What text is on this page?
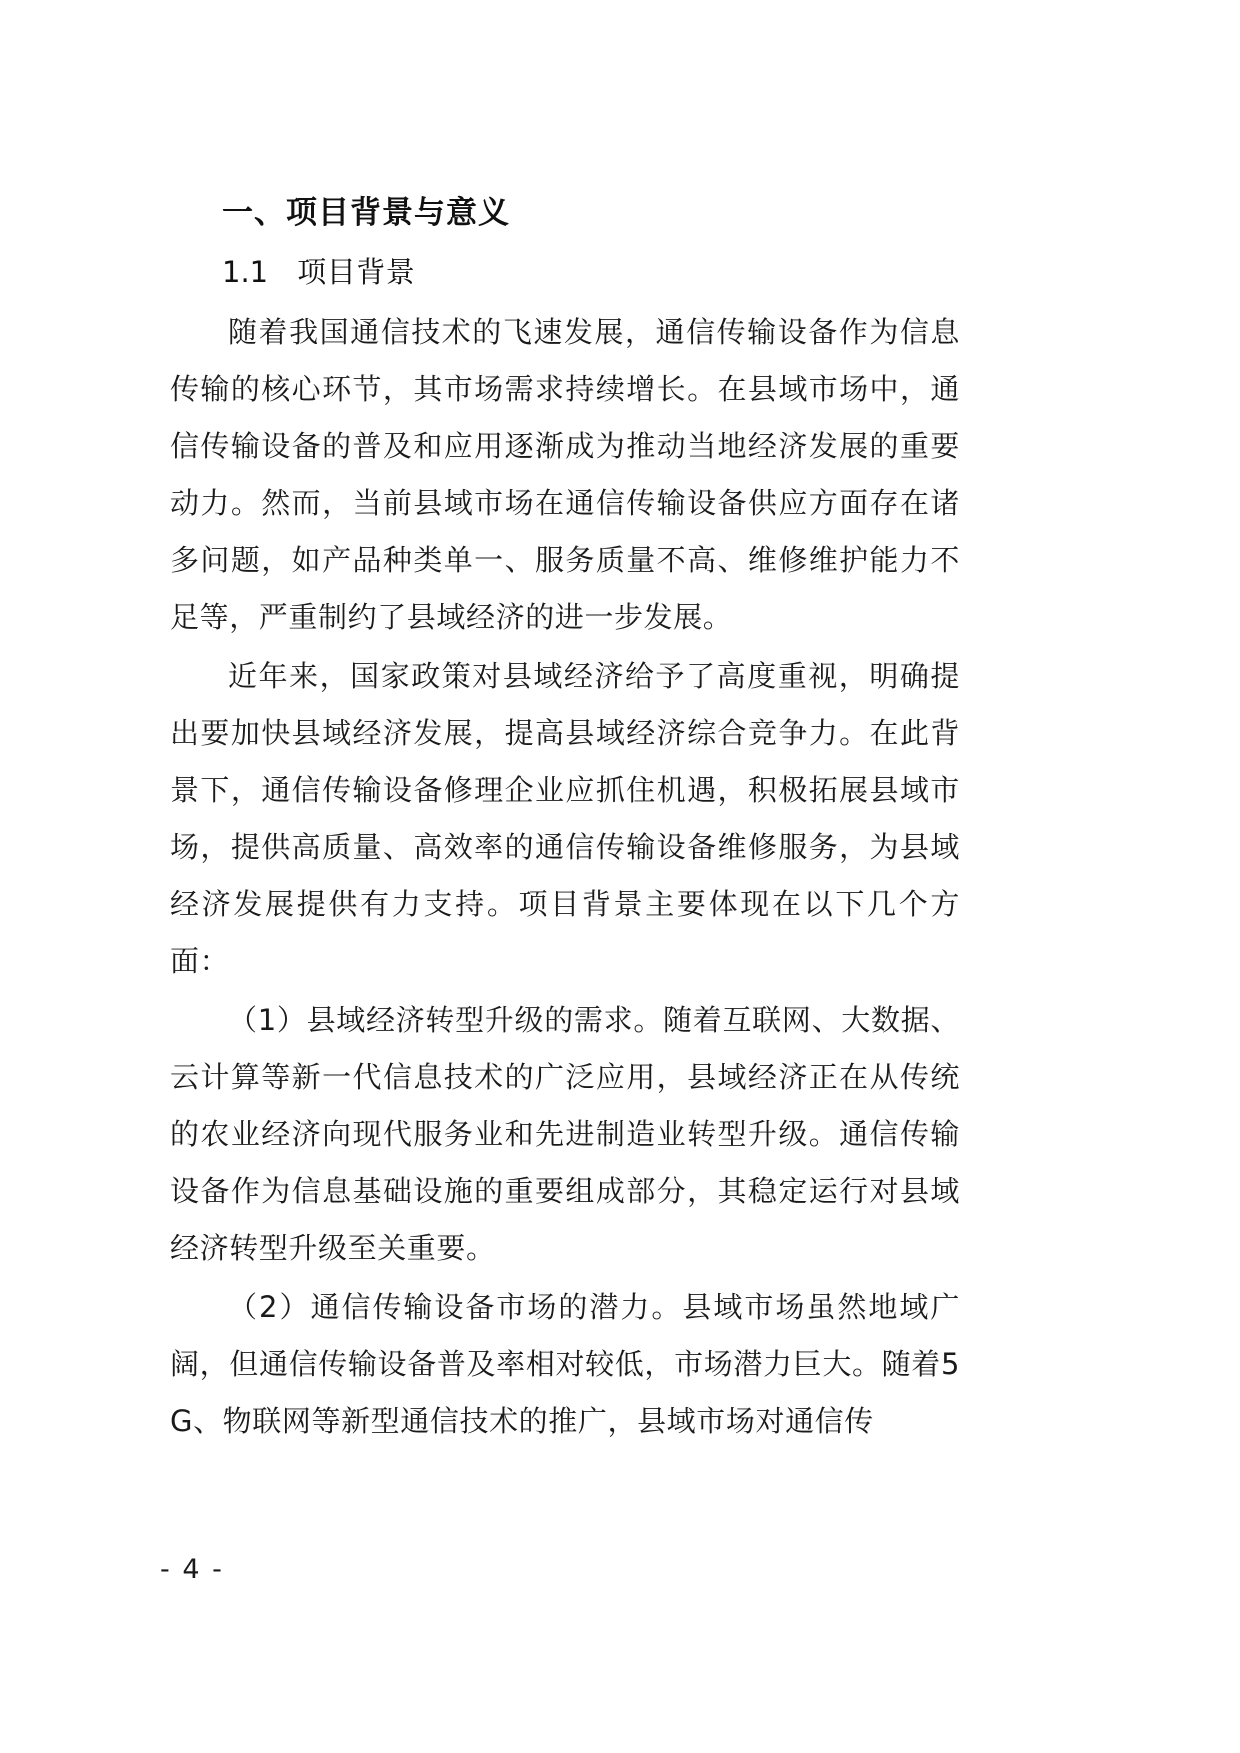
一、项目背景与意义
1.1 项目背景

随着我国通信技术的飞速发展，通信传输设备作为信息传输的核心环节，其市场需求持续增长。在县域市场中，通信传输设备的普及和应用逐渐成为推动当地经济发展的重要动力。然而，当前县域市场在通信传输设备供应方面存在诸多问题，如产品种类单一、服务质量不高、维修维护能力不足等，严重制约了县域经济的进一步发展。

近年来，国家政策对县域经济给予了高度重视，明确提出要加快县域经济发展，提高县域经济综合竞争力。在此背景下，通信传输设备修理企业应抓住机遇，积极拓展县域市场，提供高质量、高效率的通信传输设备维修服务，为县域经济发展提供有力支持。项目背景主要体现在以下几个方面：

（1）县域经济转型升级的需求。随着互联网、大数据、云计算等新一代信息技术的广泛应用，县域经济正在从传统的农业经济向现代服务业和先进制造业转型升级。通信传输设备作为信息基础设施的重要组成部分，其稳定运行对县域经济转型升级至关重要。

（2）通信传输设备市场的潜力。县域市场虽然地域广阔，但通信传输设备普及率相对较低，市场潜力巨大。随着5G、物联网等新型通信技术的推广，县域市场对通信传

- 4 -
